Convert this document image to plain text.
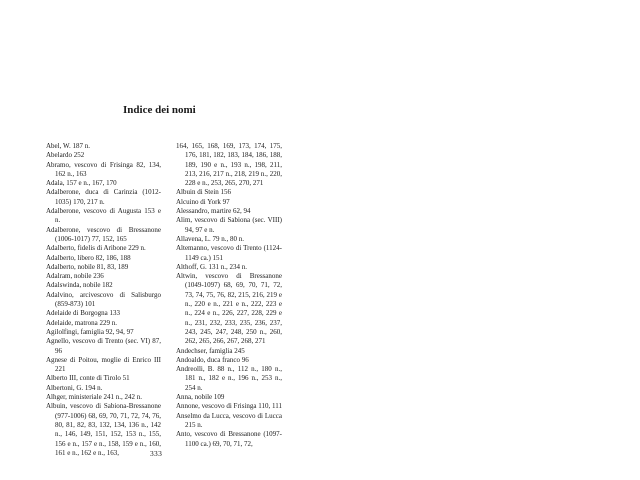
Indice dei nomi

Abel, W. 187 n.

Abelardo 252

Abramo, vescovo di Frisinga 82, 134, 162 n., 163

Adala, 157 e n., 167, 170

Adalberone, duca di Carinzia (1012-1035) 170, 217 n.

Adalberone, vescovo di Augusta 153 e n.

Adalberone, vescovo di Bressanone (1006-1017) 77, 152, 165

Adalberto, fidelis di Aribone 229 n.

Adalberto, libero 82, 186, 188

Adalberto, nobile 81, 83, 189

Adalram, nobile 236

Adalswinda, nobile 182

Adalvino, arcivescovo di Salisburgo (859-873) 101

Adelaide di Borgogna 133

Adelaide, matrona 229 n.

Agilolfingi, famiglia 92, 94, 97

Agnello, vescovo di Trento (sec. VI) 87, 96

Agnese di Poitou, moglie di Enrico III 221

Alberto III, conte di Tirolo 51

Albertoni, G. 194 n.

Alhger, ministeriale 241 n., 242 n.

Albuin, vescovo di Sabiona-Bressanone (977-1006) 68, 69, 70, 71, 72, 74, 76, 80, 81, 82, 83, 132, 134, 136 n., 142 n., 146, 149, 151, 152, 153 n., 155, 156 e n., 157 e n., 158, 159 e n., 160, 161 e n., 162 e n., 163,

164, 165, 168, 169, 173, 174, 175, 176, 181, 182, 183, 184, 186, 188, 189, 190 e n., 193 n., 198, 211, 213, 216, 217 n., 218, 219 n., 220, 228 e n., 253, 265, 270, 271

Albuin di Stein 156

Alcuino di York 97

Alessandro, martire 62, 94

Alim, vescovo di Sabiona (sec. VIII) 94, 97 e n.

Allavena, L. 79 n., 80 n.

Altemanno, vescovo di Trento (1124-1149 ca.) 151

Althoff, G. 131 n., 234 n.

Altwin, vescovo di Bressanone (1049-1097) 68, 69, 70, 71, 72, 73, 74, 75, 76, 82, 215, 216, 219 e n., 220 e n., 221 e n., 222, 223 e n., 224 e n., 226, 227, 228, 229 e n., 231, 232, 233, 235, 236, 237, 243, 245, 247, 248, 250 n., 260, 262, 265, 266, 267, 268, 271

Andechser, famiglia 245

Andoaldo, duca franco 96

Andreolli, B. 88 n., 112 n., 180 n., 181 n., 182 e n., 196 n., 253 n., 254 n.

Anna, nobile 109

Annone, vescovo di Frisinga 110, 111

Anselmo da Lucca, vescovo di Lucca 215 n.

Anto, vescovo di Bressanone (1097-1100 ca.) 69, 70, 71, 72,

333
